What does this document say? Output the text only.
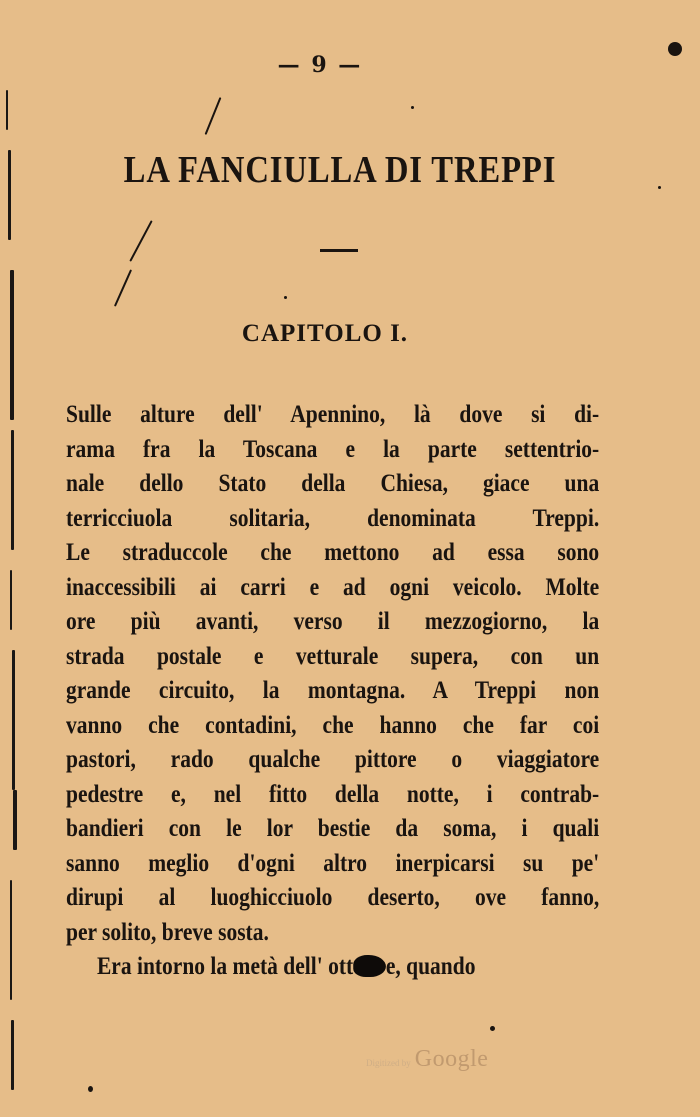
— 9 —
LA FANCIULLA DI TREPPI
CAPITOLO I.
Sulle alture dell' Apennino, là dove si di-
rama fra la Toscana e la parte settentrio-
nale dello Stato della Chiesa, giace una
terricciuola solitaria, denominata Treppi.
Le straduccole che mettono ad essa sono
inaccessibili ai carri e ad ogni veicolo. Molte
ore più avanti, verso il mezzogiorno, la
strada postale e vetturale supera, con un
grande circuito, la montagna. A Treppi non
vanno che contadini, che hanno che far coi
pastori, rado qualche pittore o viaggiatore
pedestre e, nel fitto della notte, i contrab-
bandieri con le lor bestie da soma, i quali
sanno meglio d'ogni altro inerpicarsi su pe'
dirupi al luoghicciuolo deserto, ove fanno,
per solito, breve sosta.
Era intorno la metà dell' ott e, quando
Digitized by Google
